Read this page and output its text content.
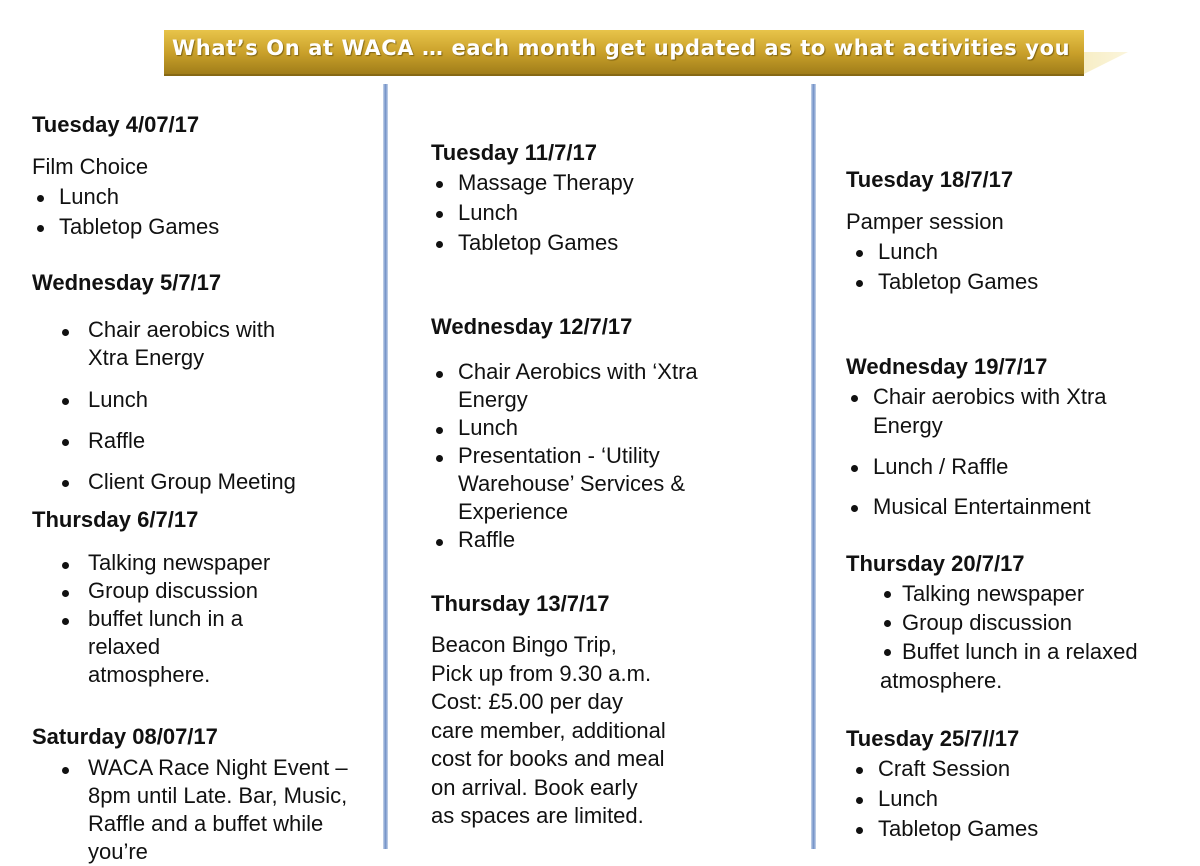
What’s On at WACA … each month get updated as to what activities you

Tuesday 4/07/17

Film Choice

Lunch
Tabletop Games

Wednesday 5/7/17

Chair aerobics with Xtra Energy
Lunch
Raffle
Client Group Meeting

Thursday 6/7/17

Talking newspaper
Group discussion
buffet lunch in a relaxed atmosphere.

Saturday 08/07/17

WACA Race Night Event – 8pm until Late. Bar, Music, Raffle and a buffet while you’re

Tuesday 11/7/17

Massage Therapy
Lunch
Tabletop Games

Wednesday 12/7/17

Chair Aerobics with ‘Xtra Energy
Lunch
Presentation - ‘Utility Warehouse’ Services & Experience
Raffle

Thursday 13/7/17

Beacon Bingo Trip,
Pick up from 9.30 a.m.
Cost: £5.00 per day
care member, additional
cost for books and meal
on arrival. Book early
as spaces are limited.

Tuesday 18/7/17

Pamper session

Lunch
Tabletop Games

Wednesday 19/7/17

Chair aerobics with Xtra Energy
Lunch / Raffle
Musical Entertainment

Thursday 20/7/17

Talking newspaper
Group discussion
Buffet lunch in a relaxed atmosphere.

Tuesday 25/7//17

Craft Session
Lunch
Tabletop Games
